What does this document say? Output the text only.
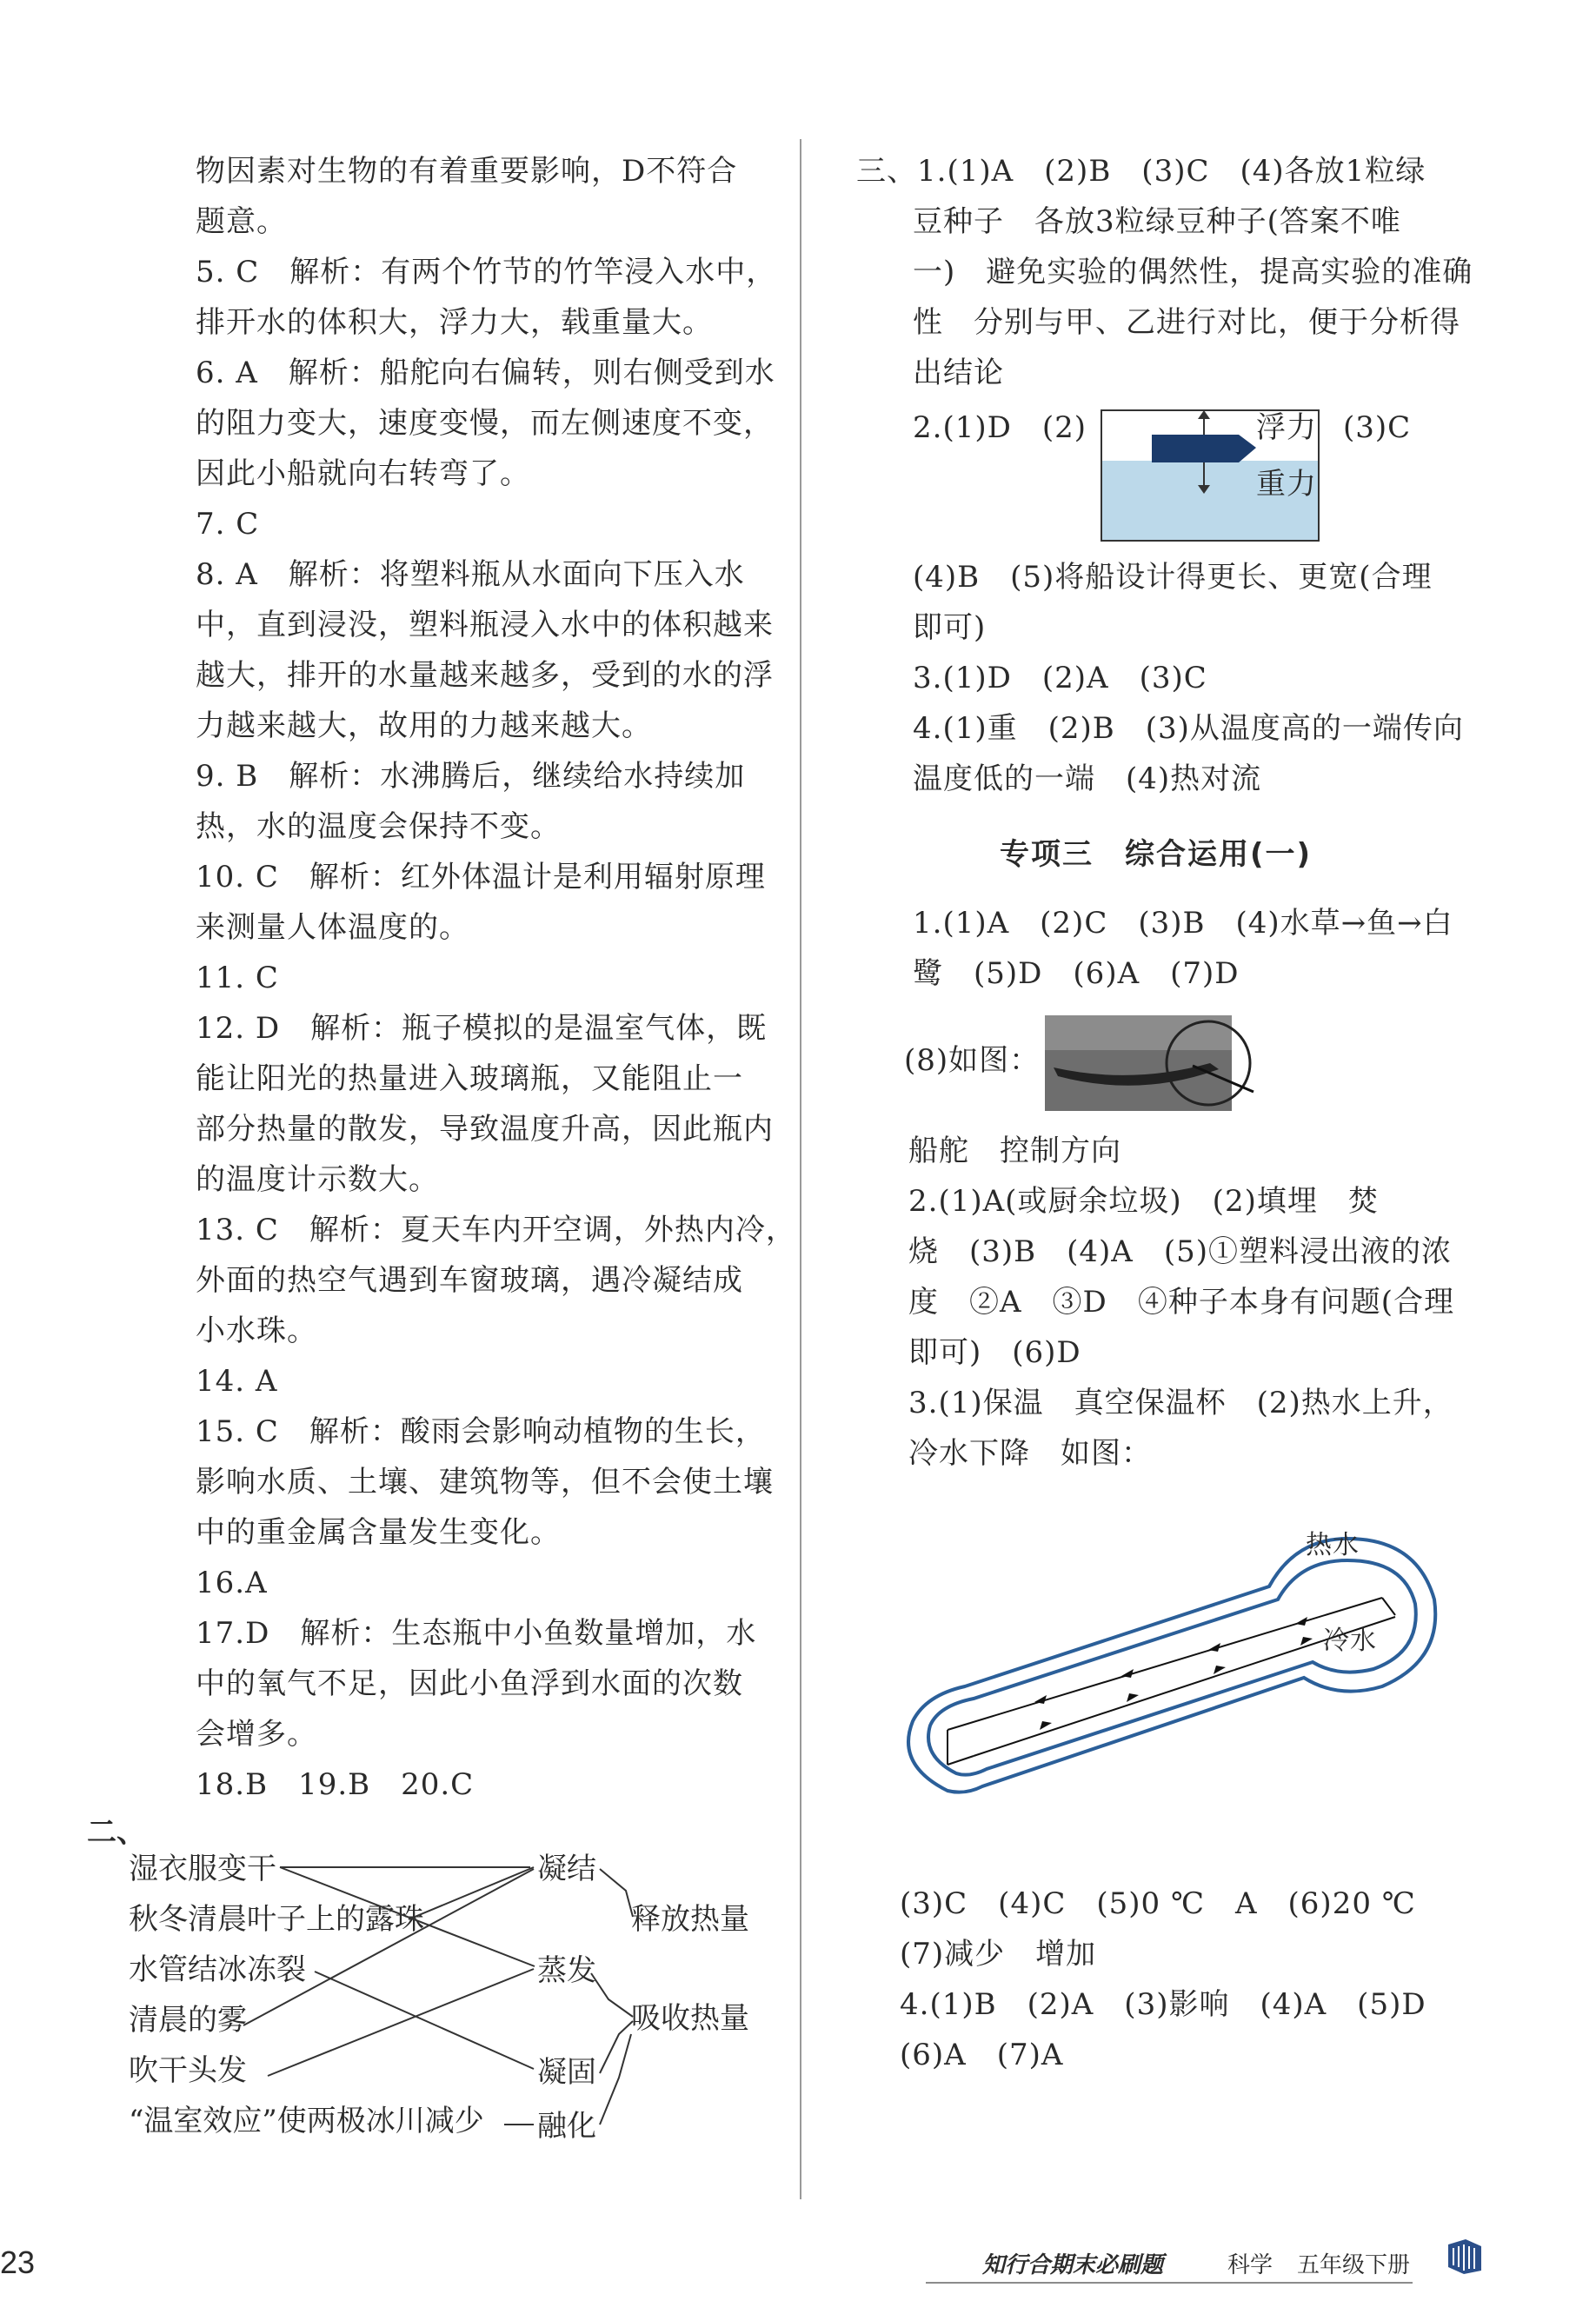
物因素对生物的有着重要影响，D不符合
题意。
5. C　解析：有两个竹节的竹竿浸入水中，
排开水的体积大，浮力大，载重量大。
6. A　解析：船舵向右偏转，则右侧受到水
的阻力变大，速度变慢，而左侧速度不变，
因此小船就向右转弯了。
7. C
8. A　解析：将塑料瓶从水面向下压入水
中，直到浸没，塑料瓶浸入水中的体积越来
越大，排开的水量越来越多，受到的水的浮
力越来越大，故用的力越来越大。
9. B　解析：水沸腾后，继续给水持续加
热，水的温度会保持不变。
10. C　解析：红外体温计是利用辐射原理
来测量人体温度的。
11. C
12. D　解析：瓶子模拟的是温室气体，既
能让阳光的热量进入玻璃瓶，又能阻止一
部分热量的散发，导致温度升高，因此瓶内
的温度计示数大。
13. C　解析：夏天车内开空调，外热内冷，
外面的热空气遇到车窗玻璃，遇冷凝结成
小水珠。
14. A
15. C　解析：酸雨会影响动植物的生长，
影响水质、土壤、建筑物等，但不会使土壤
中的重金属含量发生变化。
16.A
17.D　解析：生态瓶中小鱼数量增加，水
中的氧气不足，因此小鱼浮到水面的次数
会增多。
18.B　19.B　20.C
二、
湿衣服变干
秋冬清晨叶子上的露珠
水管结冰冻裂
清晨的雾
吹干头发
“温室效应”使两极冰川减少
凝结
蒸发
凝固
融化
释放热量
吸收热量
浮力
重力
热水
冷水
专项三　综合运用(一)
23	知行合期末必刷题	科学 五年级下册
三、1.(1)A　(2)B　(3)C　(4)各放1粒绿
豆种子　各放3粒绿豆种子(答案不唯
一)　避免实验的偶然性，提高实验的准确
性　分别与甲、乙进行对比，便于分析得
出结论
2.(1)D　(2)	(3)C
(4)B　(5)将船设计得更长、更宽(合理
即可)
3.(1)D　(2)A　(3)C
4.(1)重　(2)B　(3)从温度高的一端传向
温度低的一端　(4)热对流
1.(1)A　(2)C　(3)B　(4)水草→鱼→白
鹭　(5)D　(6)A　(7)D
(8)如图：
船舵　控制方向
2.(1)A(或厨余垃圾)　(2)填埋　焚
烧　(3)B　(4)A　(5)①塑料浸出液的浓
度　②A　③D　④种子本身有问题(合理
即可)　(6)D
3.(1)保温　真空保温杯　(2)热水上升，
冷水下降　如图：
(3)C　(4)C　(5)0 ℃　A　(6)20 ℃
(7)减少　增加
4.(1)B　(2)A　(3)影响　(4)A　(5)D
(6)A　(7)A
